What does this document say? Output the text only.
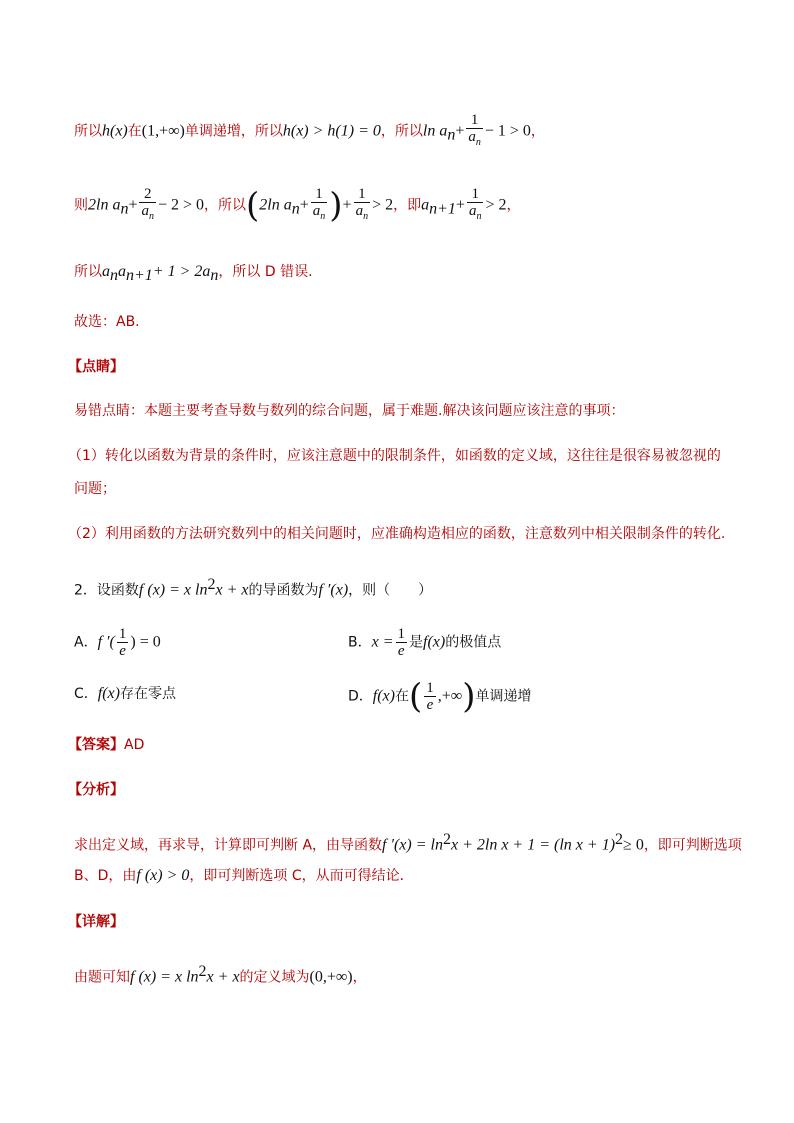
所以h(x)在(1,+∞)单调递增，所以h(x) > h(1) = 0，所以$\ln a_n+ \frac{1}{a_n} - 1 > 0$，
则2ln $a_n+ \frac{2}{a_n} - 2 > 0$，所以(2ln $a_n+ \frac{1}{a_n}$ )+ $\frac{1}{a_n} > 2$，即$a_{n+1}+ \frac{1}{a_n} > 2$，
所以$a_na_{n+1}+ 1 > 2a_n$，所以 D 错误.
故选：AB.
【点睛】
易错点睛：本题主要考查导数与数列的综合问题，属于难题.解决该问题应该注意的事项：
（1）转化以函数为背景的条件时，应该注意题中的限制条件，如函数的定义域，这往往是很容易被忽视的
问题；
（2）利用函数的方法研究数列中的相关问题时，应准确构造相应的函数，注意数列中相关限制条件的转化.
2．设函数f (x) = x $\ln^2x + x$的导函数为f ′(x)，则（　　）
A．f ′( $\frac{1}{e}$ ) = 0	B．$x = \frac{1}{e}$ 是f(x)的极值点
C．f(x)存在零点	D．f(x)在( $\frac{1}{e}$ ,+∞)单调递增
【答案】AD
【分析】
求出定义域，再求导，计算即可判断 A，由导函数f $'(x) = \ln^2x + 2\ln$ x + 1 = (ln x + 1)$^2$≥ 0，即可判断选项
B、D，由f (x) > 0，即可判断选项 C，从而可得结论．
【详解】
由题可知f (x) = x $\ln^2x + x$的定义域为(0,+∞)，
